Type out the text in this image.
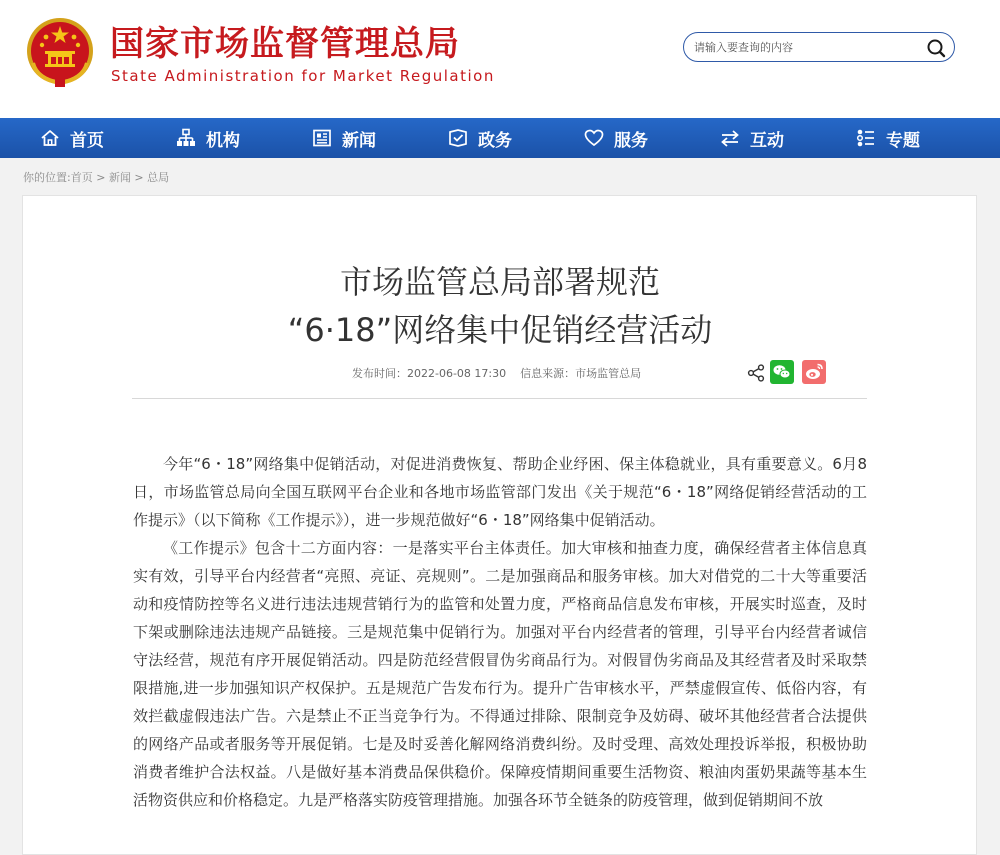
国家市场监督管理总局
State Administration for Market Regulation
请输入要查询的内容
首页	机构	新闻	政务	服务	互动	专题
你的位置:首页 > 新闻 > 总局
市场监管总局部署规范
“6·18”网络集中促销经营活动
发布时间：2022-06-08 17:30 信息来源：市场监管总局

今年“6・18”网络集中促销活动，对促进消费恢复、帮助企业纾困、保主体稳就业，具有重要意义。6月8日，市场监管总局向全国互联网平台企业和各地市场监管部门发出《关于规范“6・18”网络促销经营活动的工作提示》（以下简称《工作提示》），进一步规范做好“6・18”网络集中促销活动。

《工作提示》包含十二方面内容：一是落实平台主体责任。加大审核和抽查力度，确保经营者主体信息真实有效，引导平台内经营者“亮照、亮证、亮规则”。二是加强商品和服务审核。加大对借党的二十大等重要活动和疫情防控等名义进行违法违规营销行为的监管和处置力度，严格商品信息发布审核，开展实时巡查，及时下架或删除违法违规产品链接。三是规范集中促销行为。加强对平台内经营者的管理，引导平台内经营者诚信守法经营，规范有序开展促销活动。四是防范经营假冒伪劣商品行为。对假冒伪劣商品及其经营者及时采取禁限措施,进一步加强知识产权保护。五是规范广告发布行为。提升广告审核水平，严禁虚假宣传、低俗内容，有效拦截虚假违法广告。六是禁止不正当竞争行为。不得通过排除、限制竞争及妨碍、破坏其他经营者合法提供的网络产品或者服务等开展促销。七是及时妥善化解网络消费纠纷。及时受理、高效处理投诉举报，积极协助消费者维护合法权益。八是做好基本消费品保供稳价。保障疫情期间重要生活物资、粮油肉蛋奶果蔬等基本生活物资供应和价格稳定。九是严格落实防疫管理措施。加强各环节全链条的防疫管理，做到促销期间不放
